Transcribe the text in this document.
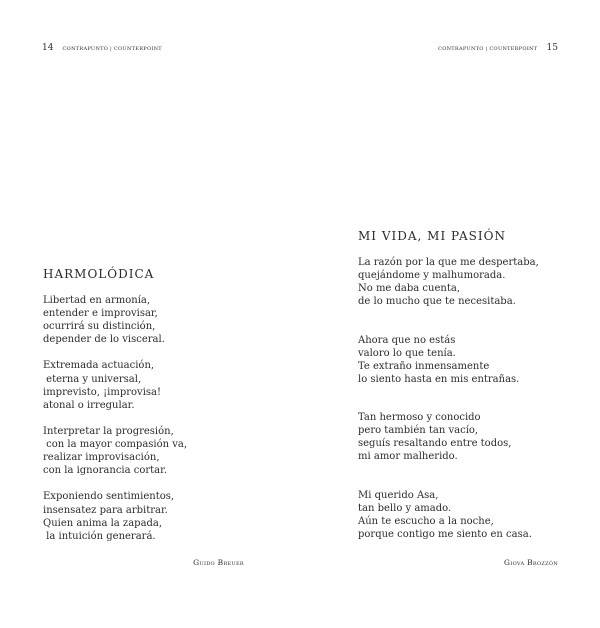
14 CONTRAPUNTO | COUNTERPOINT
HARMOLÓDICA
Libertad en armonía,
entender e improvisar,
ocurrirá su distinción,
depender de lo visceral.
Extremada actuación,
eterna y universal,
imprevisto, ¡improvisa!
atonal o irregular.
Interpretar la progresión,
con la mayor compasión va,
realizar improvisación,
con la ignorancia cortar.
Exponiendo sentimientos,
insensatez para arbitrar.
Quien anima la zapada,
la intuición generará.
Guido Breuer
CONTRAPUNTO | COUNTERPOINT 15
MI VIDA, MI PASIÓN
La razón por la que me despertaba,
quejándome y malhumorada.
No me daba cuenta,
de lo mucho que te necesitaba.
Ahora que no estás
valoro lo que tenía.
Te extraño inmensamente
lo siento hasta en mis entrañas.
Tan hermoso y conocido
pero también tan vacío,
seguís resaltando entre todos,
mi amor malherido.
Mi querido Asa,
tan bello y amado.
Aún te escucho a la noche,
porque contigo me siento en casa.
Giova Brozzón
